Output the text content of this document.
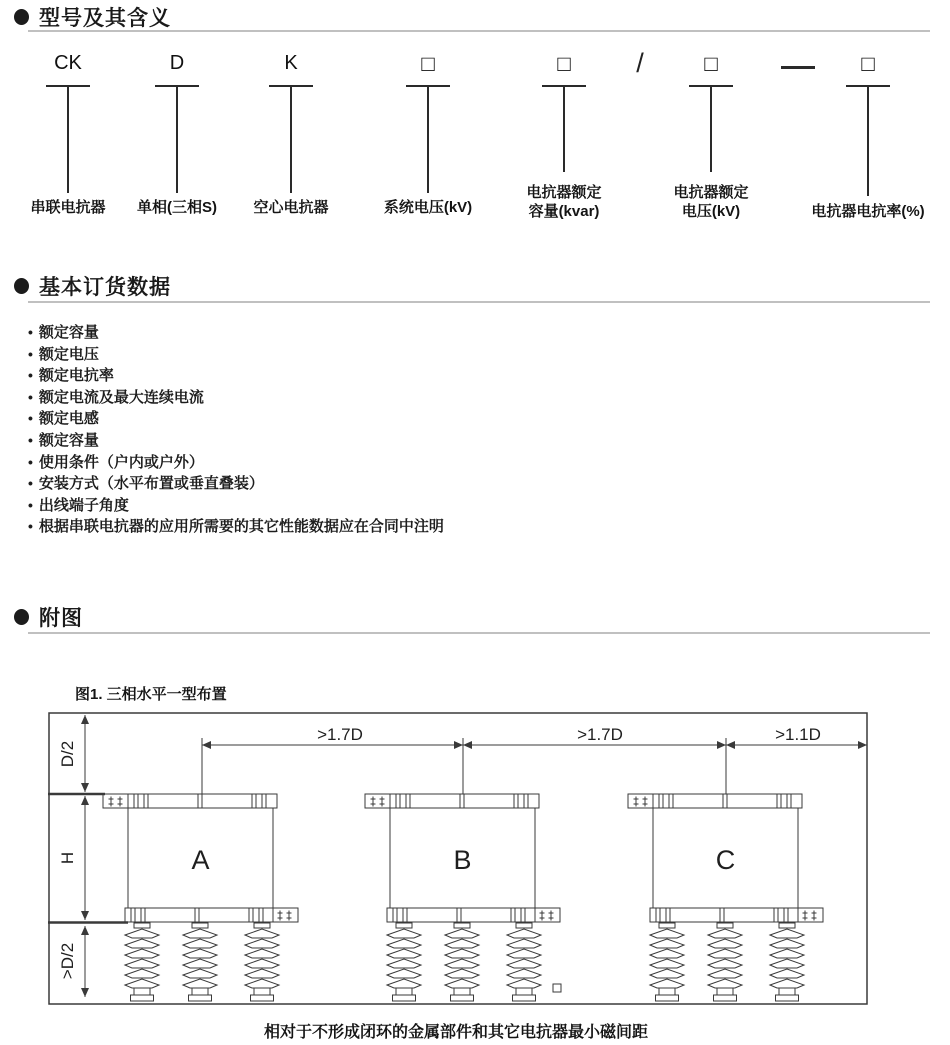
型号及其含义
CK
串联电抗器
D
单相(三相S)
K
空心电抗器
□
系统电压(kV)
□
电抗器额定
容量(kvar)
□
电抗器额定
电压(kV)
□
电抗器电抗率(%)
/
基本订货数据
• 额定容量
• 额定电压
• 额定电抗率
• 额定电流及最大连续电流
• 额定电感
• 额定容量
• 使用条件（户内或户外）
• 安装方式（水平布置或垂直叠装）
• 出线端子角度
• 根据串联电抗器的应用所需要的其它性能数据应在合同中注明
附图
图1. 三相水平一型布置
>1.7D	>1.7D	>1.1D
D/2
H
>D/2
A	B	C
相对于不形成闭环的金属部件和其它电抗器最小磁间距
